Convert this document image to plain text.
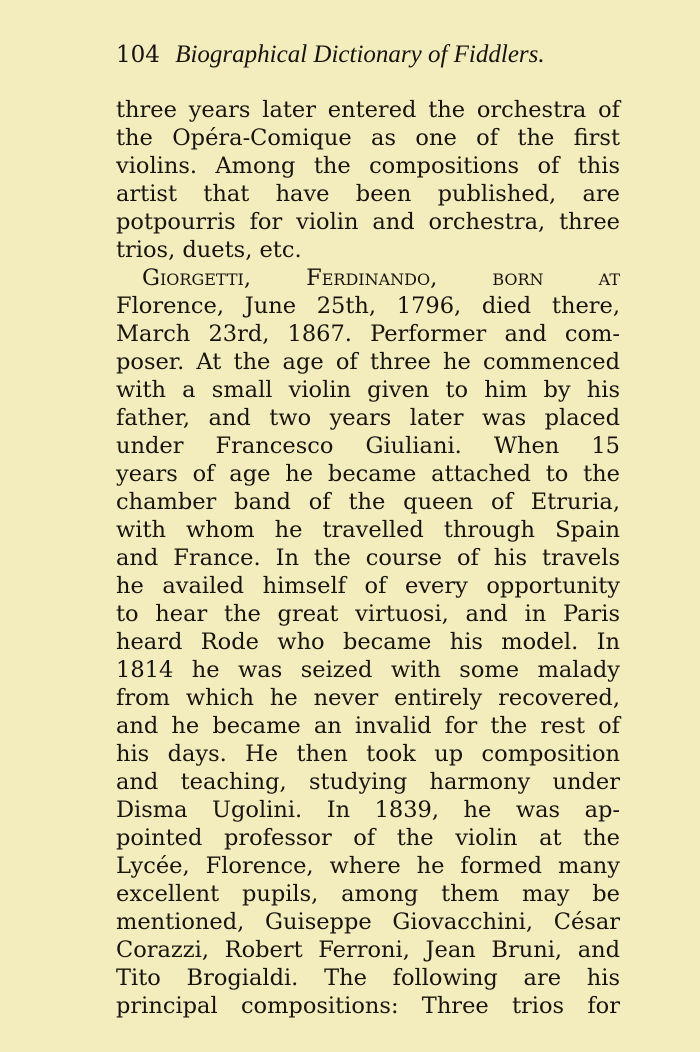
104 Biographical Dictionary of Fiddlers.
three years later entered the orchestra of
the Opéra-Comique as one of the first
violins. Among the compositions of this
artist that have been published, are
potpourris for violin and orchestra, three
trios, duets, etc.
Giorgetti, Ferdinando, born at
Florence, June 25th, 1796, died there,
March 23rd, 1867. Performer and com-
poser. At the age of three he commenced
with a small violin given to him by his
father, and two years later was placed
under Francesco Giuliani. When 15
years of age he became attached to the
chamber band of the queen of Etruria,
with whom he travelled through Spain
and France. In the course of his travels
he availed himself of every opportunity
to hear the great virtuosi, and in Paris
heard Rode who became his model. In
1814 he was seized with some malady
from which he never entirely recovered,
and he became an invalid for the rest of
his days. He then took up composition
and teaching, studying harmony under
Disma Ugolini. In 1839, he was ap-
pointed professor of the violin at the
Lycée, Florence, where he formed many
excellent pupils, among them may be
mentioned, Guiseppe Giovacchini, César
Corazzi, Robert Ferroni, Jean Bruni, and
Tito Brogialdi. The following are his
principal compositions: Three trios for
